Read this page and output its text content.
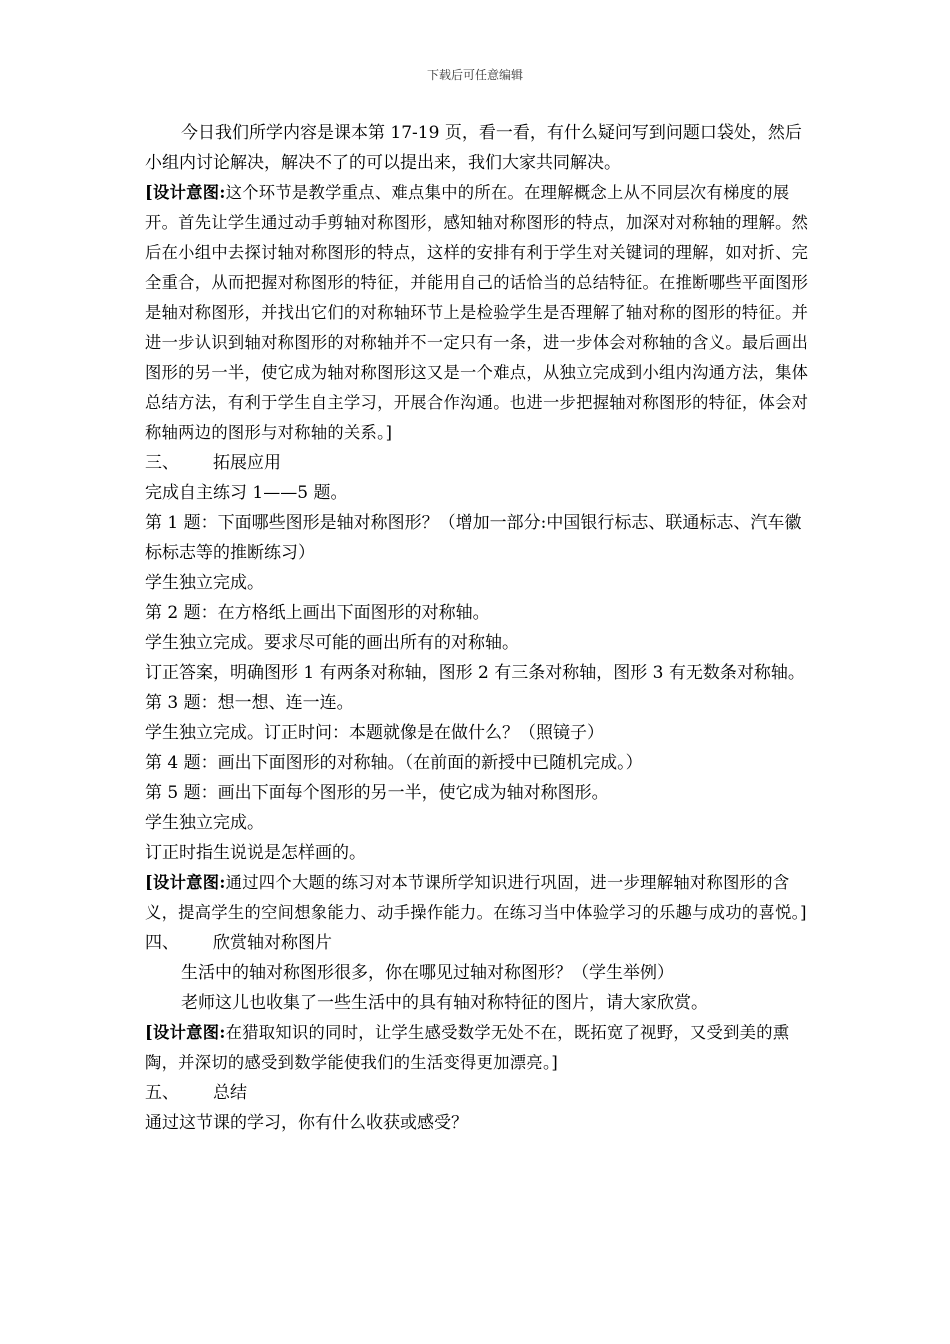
下载后可任意编辑

今日我们所学内容是课本第 17-19 页，看一看，有什么疑问写到问题口袋处，然后小组内讨论解决，解决不了的可以提出来，我们大家共同解决。

[设计意图:这个环节是教学重点、难点集中的所在。在理解概念上从不同层次有梯度的展开。首先让学生通过动手剪轴对称图形，感知轴对称图形的特点，加深对对称轴的理解。然后在小组中去探讨轴对称图形的特点，这样的安排有利于学生对关键词的理解，如对折、完全重合，从而把握对称图形的特征，并能用自己的话恰当的总结特征。在推断哪些平面图形是轴对称图形，并找出它们的对称轴环节上是检验学生是否理解了轴对称的图形的特征。并进一步认识到轴对称图形的对称轴并不一定只有一条，进一步体会对称轴的含义。最后画出图形的另一半，使它成为轴对称图形这又是一个难点，从独立完成到小组内沟通方法，集体总结方法，有利于学生自主学习，开展合作沟通。也进一步把握轴对称图形的特征，体会对称轴两边的图形与对称轴的关系。]

三、	拓展应用

完成自主练习 1——5 题。

第 1 题：下面哪些图形是轴对称图形？（增加一部分:中国银行标志、联通标志、汽车徽标标志等的推断练习）

学生独立完成。

第 2 题：在方格纸上画出下面图形的对称轴。

学生独立完成。要求尽可能的画出所有的对称轴。

订正答案，明确图形 1 有两条对称轴，图形 2 有三条对称轴，图形 3 有无数条对称轴。

第 3 题：想一想、连一连。

学生独立完成。订正时问：本题就像是在做什么？（照镜子）

第 4 题：画出下面图形的对称轴。（在前面的新授中已随机完成。）

第 5 题：画出下面每个图形的另一半，使它成为轴对称图形。

学生独立完成。

订正时指生说说是怎样画的。

[设计意图:通过四个大题的练习对本节课所学知识进行巩固，进一步理解轴对称图形的含义，提高学生的空间想象能力、动手操作能力。在练习当中体验学习的乐趣与成功的喜悦。]

四、	欣赏轴对称图片

生活中的轴对称图形很多，你在哪见过轴对称图形？（学生举例）

老师这儿也收集了一些生活中的具有轴对称特征的图片，请大家欣赏。

[设计意图:在猎取知识的同时，让学生感受数学无处不在，既拓宽了视野，又受到美的熏陶，并深切的感受到数学能使我们的生活变得更加漂亮。]

五、	总结

通过这节课的学习，你有什么收获或感受？
